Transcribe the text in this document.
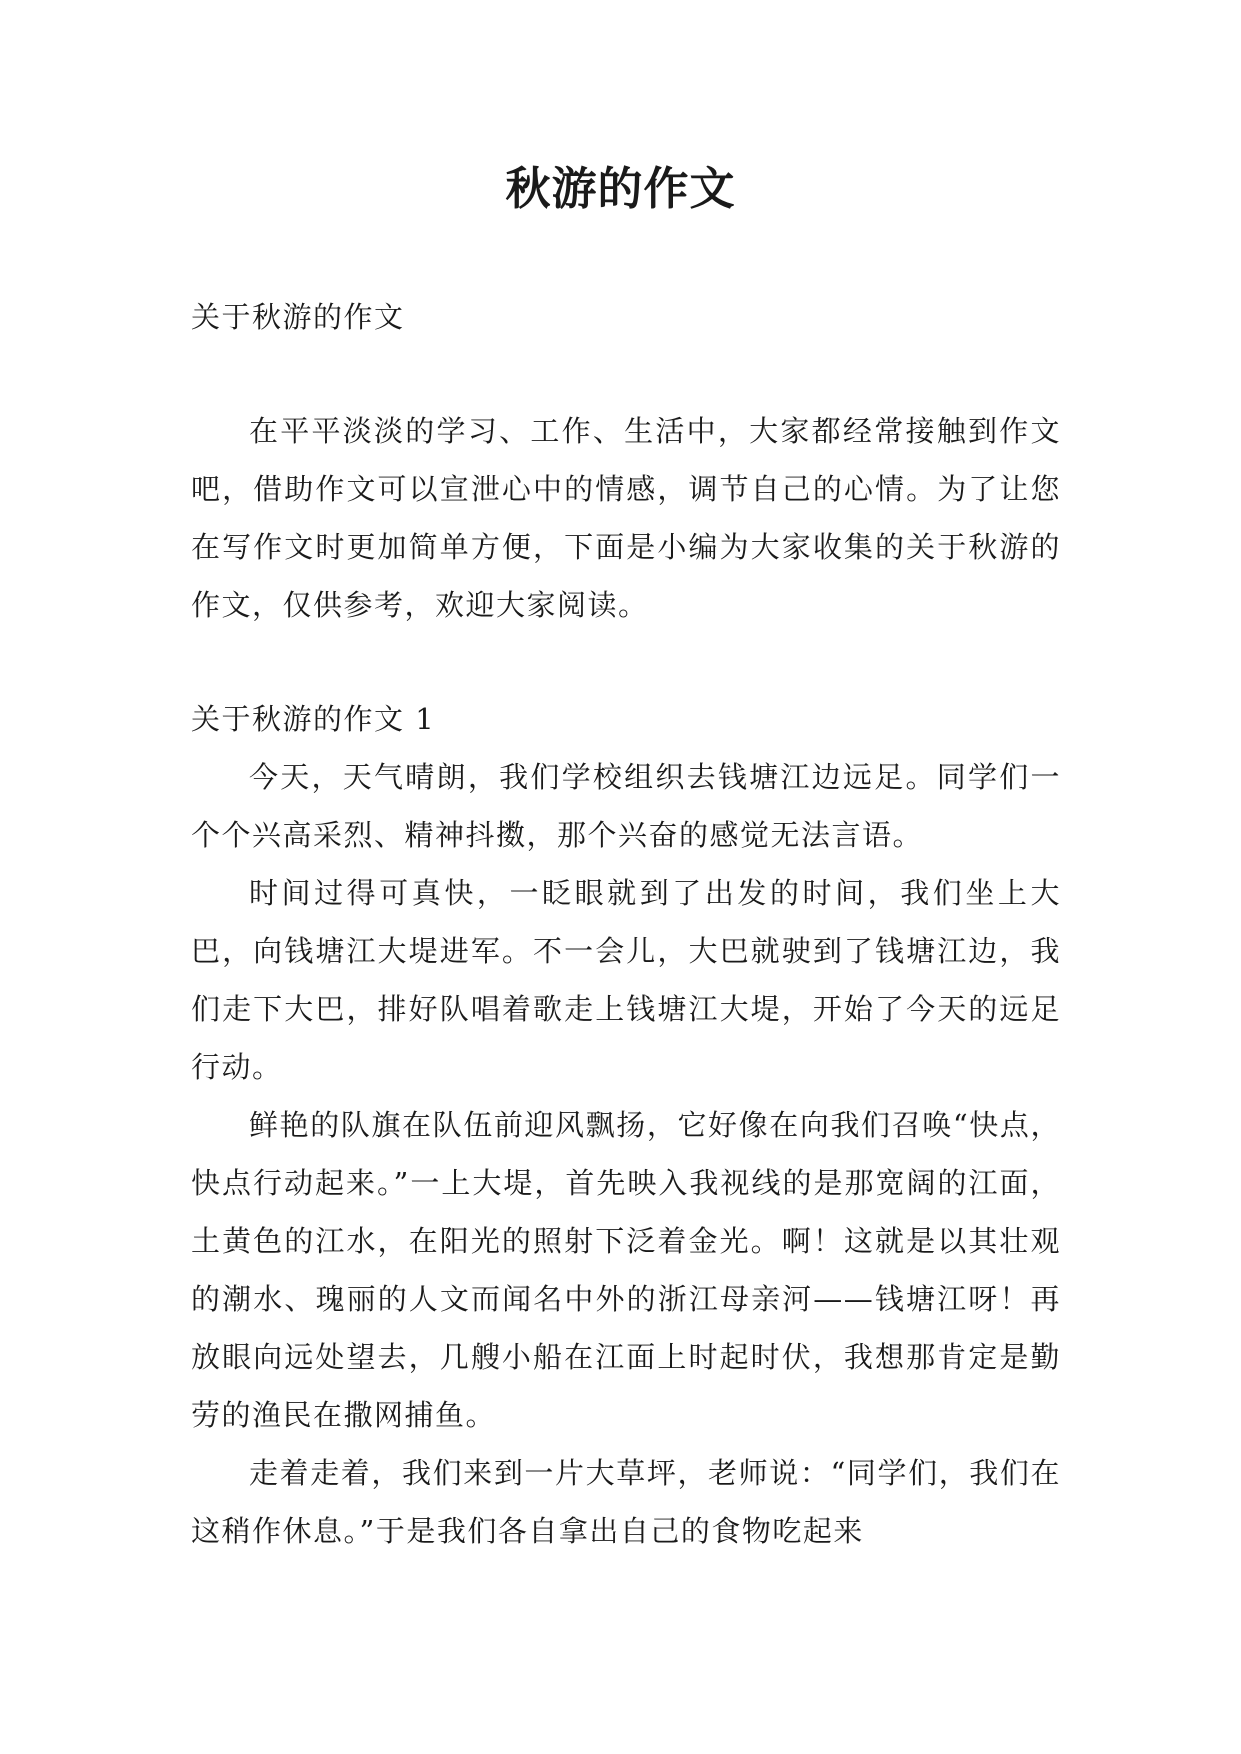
秋游的作文

关于秋游的作文

在平平淡淡的学习、工作、生活中，大家都经常接触到作文吧，借助作文可以宣泄心中的情感，调节自己的心情。为了让您在写作文时更加简单方便，下面是小编为大家收集的关于秋游的作文，仅供参考，欢迎大家阅读。

关于秋游的作文 1

今天，天气晴朗，我们学校组织去钱塘江边远足。同学们一个个兴高采烈、精神抖擞，那个兴奋的感觉无法言语。

时间过得可真快，一眨眼就到了出发的时间，我们坐上大巴，向钱塘江大堤进军。不一会儿，大巴就驶到了钱塘江边，我们走下大巴，排好队唱着歌走上钱塘江大堤，开始了今天的远足行动。

鲜艳的队旗在队伍前迎风飘扬，它好像在向我们召唤“快点，快点行动起来。”一上大堤，首先映入我视线的是那宽阔的江面，土黄色的江水，在阳光的照射下泛着金光。啊！这就是以其壮观的潮水、瑰丽的人文而闻名中外的浙江母亲河——钱塘江呀！再放眼向远处望去，几艘小船在江面上时起时伏，我想那肯定是勤劳的渔民在撒网捕鱼。

走着走着，我们来到一片大草坪，老师说：“同学们，我们在这稍作休息。”于是我们各自拿出自己的食物吃起来
